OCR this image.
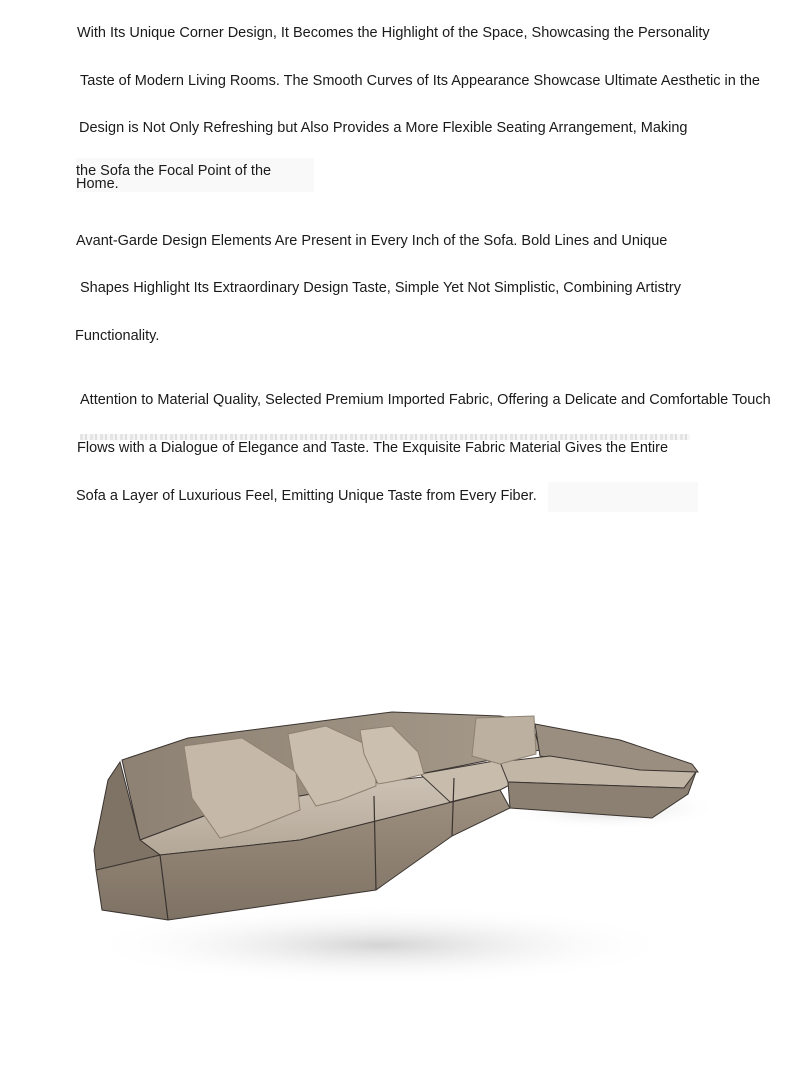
With Its Unique Corner Design, It Becomes the Highlight of the Space, Showcasing the Personality
Taste of Modern Living Rooms. The Smooth Curves of Its Appearance Showcase Ultimate Aesthetic in the
Design is Not Only Refreshing but Also Provides a More Flexible Seating Arrangement, Making
the Sofa the Focal Point of the
Home.
Avant-Garde Design Elements Are Present in Every Inch of the Sofa. Bold Lines and Unique
Shapes Highlight Its Extraordinary Design Taste, Simple Yet Not Simplistic, Combining Artistry
Functionality.
Attention to Material Quality, Selected Premium Imported Fabric, Offering a Delicate and Comfortable Touch
Flows with a Dialogue of Elegance and Taste. The Exquisite Fabric Material Gives the Entire
Sofa a Layer of Luxurious Feel, Emitting Unique Taste from Every Fiber.
